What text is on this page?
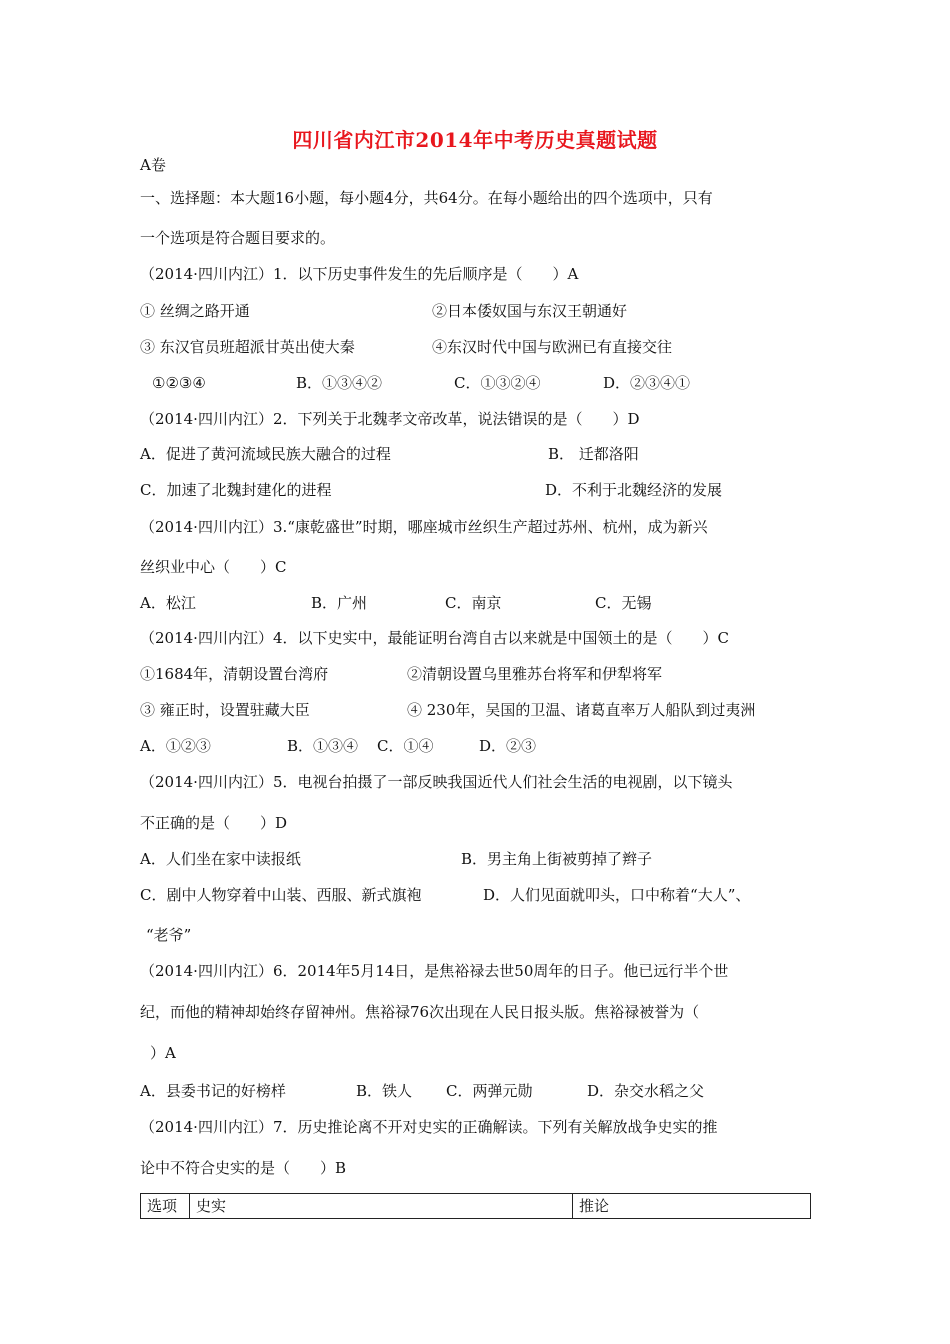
四川省内江市2014年中考历史真题试题
A卷
一、选择题：本大题16小题，每小题4分，共64分。在每小题给出的四个选项中，只有
一个选项是符合题目要求的。
（2014·四川内江）1．以下历史事件发生的先后顺序是（　　）A
① 丝绸之路开通	②日本倭奴国与东汉王朝通好
③ 东汉官员班超派甘英出使大秦	④东汉时代中国与欧洲已有直接交往
①②③④	B．①③④②	C．①③②④	D．②③④①
（2014·四川内江）2．下列关于北魏孝文帝改革，说法错误的是（　　）D
A．促进了黄河流域民族大融合的过程	B． 迁都洛阳
C．加速了北魏封建化的进程	D．不利于北魏经济的发展
（2014·四川内江）3.“康乾盛世”时期，哪座城市丝织生产超过苏州、杭州，成为新兴
丝织业中心（　　）C
A．松江	B．广州	C．南京	C．无锡
（2014·四川内江）4．以下史实中，最能证明台湾自古以来就是中国领土的是（　　）C
①1684年，清朝设置台湾府	②清朝设置乌里雅苏台将军和伊犁将军
③ 雍正时，设置驻藏大臣	④ 230年，吴国的卫温、诸葛直率万人船队到过夷洲
A．①②③	B．①③④ C．①④	D．②③
（2014·四川内江）5．电视台拍摄了一部反映我国近代人们社会生活的电视剧，以下镜头
不正确的是（　　）D
A．人们坐在家中读报纸	B．男主角上街被剪掉了辫子
C．剧中人物穿着中山装、西服、新式旗袍	D．人们见面就叩头，口中称着“大人”、
“老爷”
（2014·四川内江）6．2014年5月14日，是焦裕禄去世50周年的日子。他已远行半个世
纪，而他的精神却始终存留神州。焦裕禄76次出现在人民日报头版。焦裕禄被誉为（
）A
A．县委书记的好榜样	B．铁人 C．两弹元勋	D．杂交水稻之父
（2014·四川内江）7．历史推论离不开对史实的正确解读。下列有关解放战争史实的推
论中不符合史实的是（　　）B
选项	史实	推论
